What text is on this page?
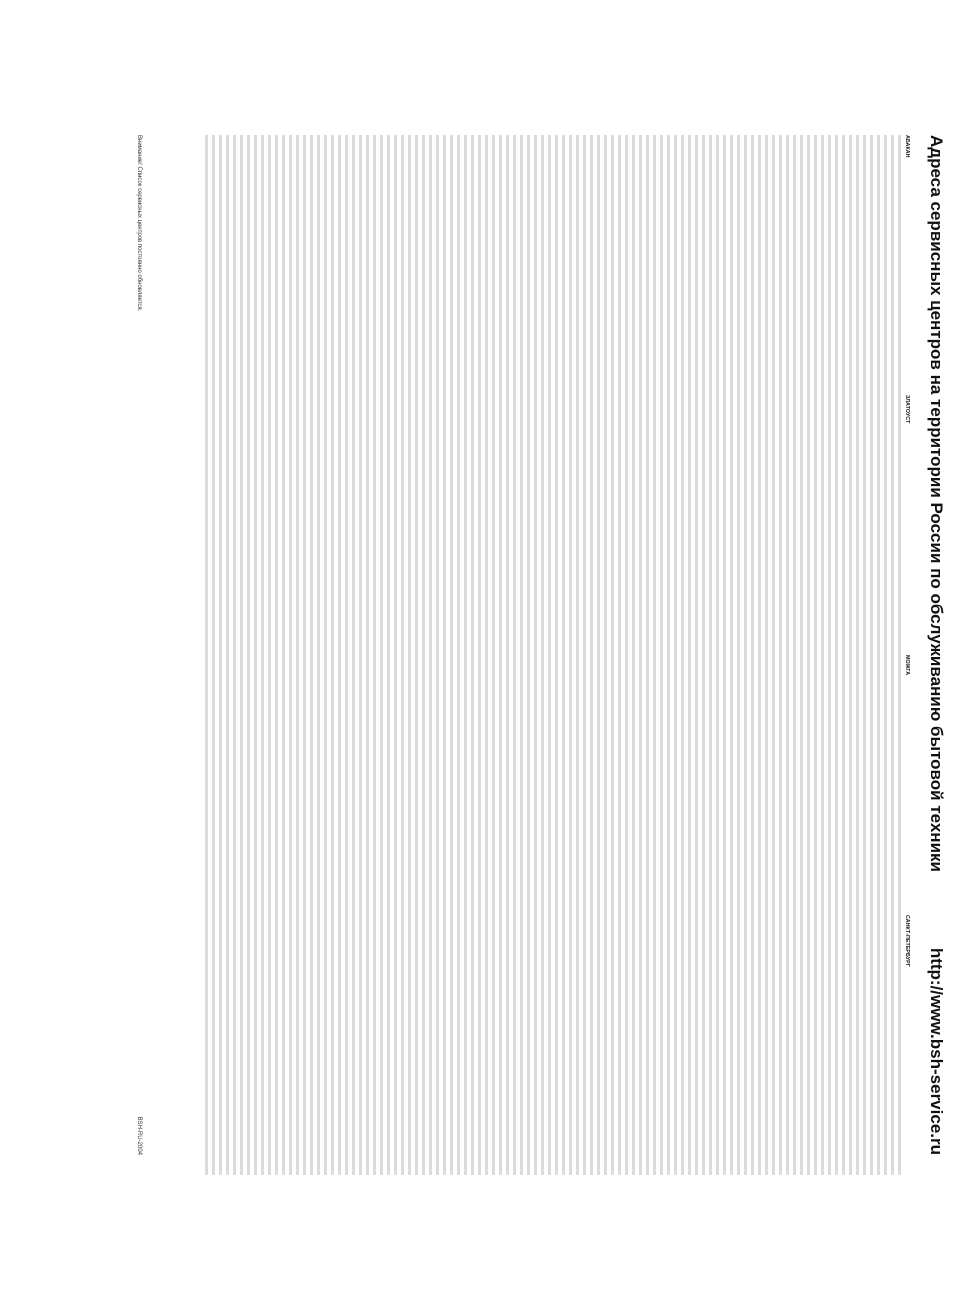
Адреса сервисных центров на территории России по обслуживанию бытовой техники
http://www.bsh-service.ru

АБАКАН

ЗЛАТОУСТ

МОЖГА

САНКТ-ПЕТЕРБУРГ

Внимание! Список сервисных центров постоянно обновляется.
BSH-RU-2004
